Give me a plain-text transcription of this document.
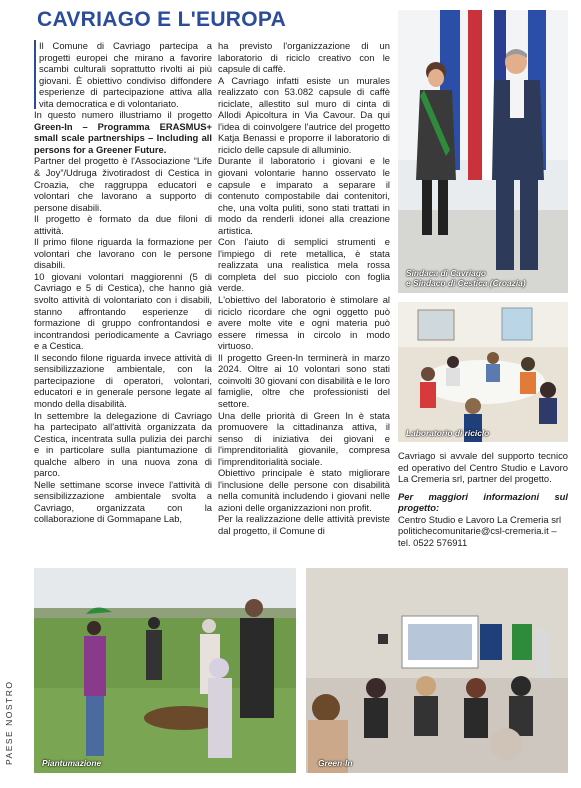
CAVRIAGO E L'EUROPA

Il Comune di Cavriago partecipa a progetti europei che mirano a favorire scambi culturali soprattutto rivolti ai più giovani. È obiettivo condiviso diffondere esperienze di partecipazione attiva alla vita democratica e di volontariato.

In questo numero illustriamo il progetto Green-In – Programma ERASMUS+ small scale partnerships – Including all persons for a Greener Future.

Partner del progetto è l'Associazione “Life & Joy”/Udruga životiradost di Cestica in Croazia, che raggruppa educatori e volontari che lavorano a supporto di persone disabili.

Il progetto è formato da due filoni di attività.

Il primo filone riguarda la formazione per volontari che lavorano con le persone disabili.

10 giovani volontari maggiorenni (5 di Cavriago e 5 di Cestica), che hanno già svolto attività di volontariato con i disabili, stanno affrontando esperienze di formazione di gruppo confrontandosi e incontrandosi periodicamente a Cavriago e a Cestica.

Il secondo filone riguarda invece attività di sensibilizzazione ambientale, con la partecipazione di operatori, volontari, educatori e in generale persone legate al mondo della disabilità.

In settembre la delegazione di Cavriago ha partecipato all'attività organizzata da Cestica, incentrata sulla pulizia dei parchi e in particolare sulla piantumazione di qualche albero in una nuova zona di parco.

Nelle settimane scorse invece l'attività di sensibilizzazione ambientale svolta a Cavriago, organizzata con la collaborazione di Gommapane Lab,

ha previsto l'organizzazione di un laboratorio di riciclo creativo con le capsule di caffè.

A Cavriago infatti esiste un murales realizzato con 53.082 capsule di caffè riciclate, allestito sul muro di cinta di Allodi Apicoltura in Via Cavour. Da qui l'idea di coinvolgere l'autrice del progetto Katja Benassi e proporre il laboratorio di riciclo delle capsule di alluminio.

Durante il laboratorio i giovani e le giovani volontarie hanno osservato le capsule e imparato a separare il contenuto compostabile dai contenitori, che, una volta puliti, sono stati trattati in modo da renderli idonei alla creazione artistica.

Con l'aiuto di semplici strumenti e l'impiego di rete metallica, è stata realizzata una realistica mela rossa completa del suo picciolo con foglia verde.

L'obiettivo del laboratorio è stimolare al riciclo ricordare che ogni oggetto può avere molte vite e ogni materia può essere rimessa in circolo in modo virtuoso.

Il progetto Green-In terminerà in marzo 2024. Oltre ai 10 volontari sono stati coinvolti 30 giovani con disabilità e le loro famiglie, oltre che professionisti del settore.

Una delle priorità di Green In è stata promuovere la cittadinanza attiva, il senso di iniziativa dei giovani e l'imprenditorialità giovanile, compresa l'imprenditorialità sociale.

Obiettivo principale è stato migliorare l'inclusione delle persone con disabilità nella comunità includendo i giovani nelle azioni delle organizzazioni non profit.

Per la realizzazione delle attività previste dal progetto, il Comune di

Sindaca di Cavriago
e Sindaco di Cestica (Croazia)
Laboratorio di riciclo

Cavriago si avvale del supporto tecnico ed operativo del Centro Studio e Lavoro La Cremeria srl, partner del progetto.

Per maggiori informazioni sul progetto:

Centro Studio e Lavoro La Cremeria srl

politichecomunitarie@csl-cremeria.it –

tel. 0522 576911

Piantumazione	Green-In
PAESE NOSTRO
